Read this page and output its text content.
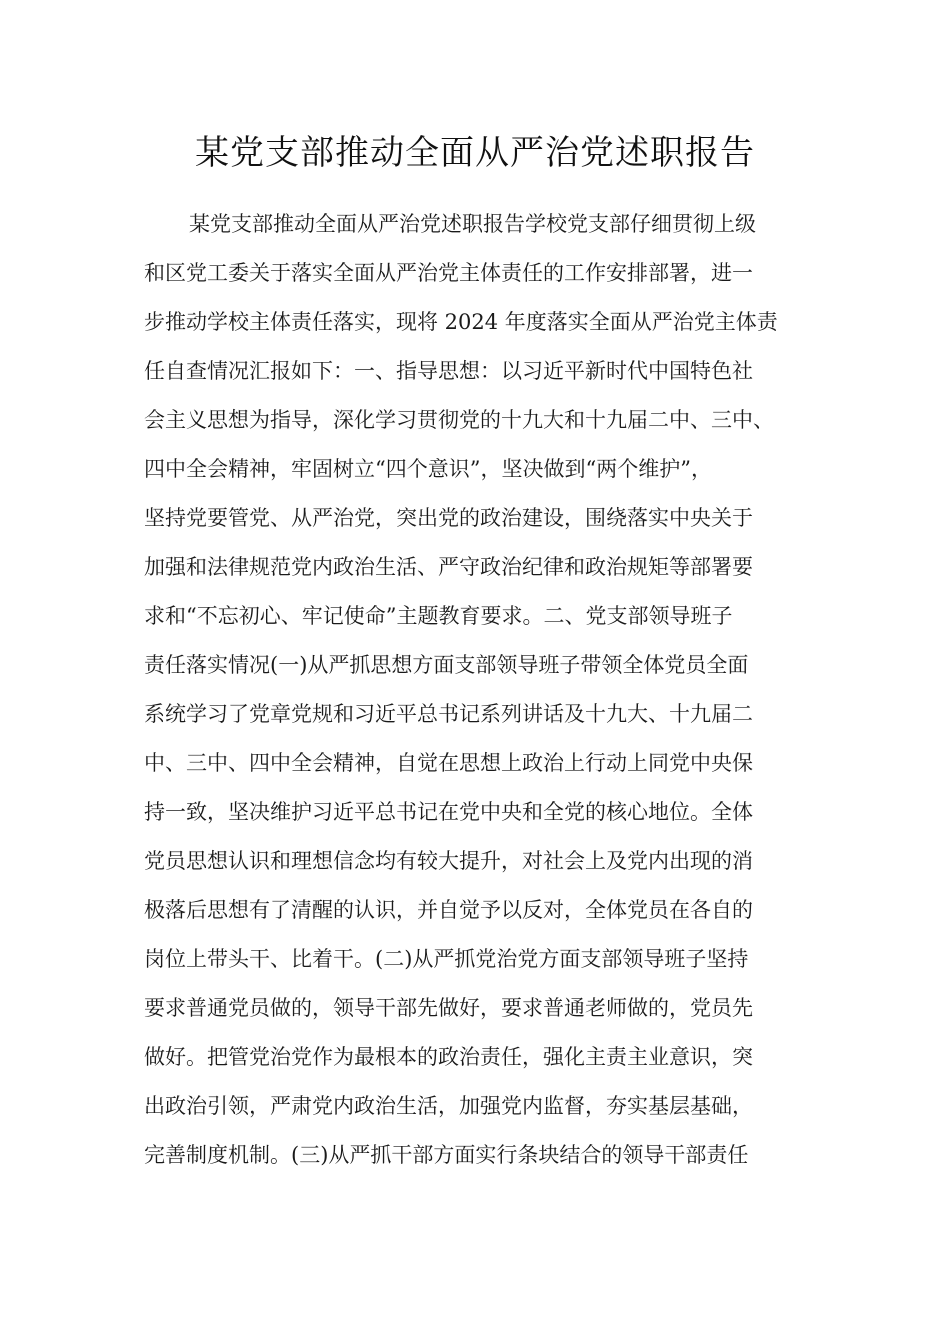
某党支部推动全面从严治党述职报告
某党支部推动全面从严治党述职报告学校党支部仔细贯彻上级
和区党工委关于落实全面从严治党主体责任的工作安排部署，进一
步推动学校主体责任落实，现将 2024 年度落实全面从严治党主体责
任自查情况汇报如下：一、指导思想：以习近平新时代中国特色社
会主义思想为指导，深化学习贯彻党的十九大和十九届二中、三中、
四中全会精神，牢固树立“四个意识”，坚决做到“两个维护”，
坚持党要管党、从严治党，突出党的政治建设，围绕落实中央关于
加强和法律规范党内政治生活、严守政治纪律和政治规矩等部署要
求和“不忘初心、牢记使命”主题教育要求。二、党支部领导班子
责任落实情况(一)从严抓思想方面支部领导班子带领全体党员全面
系统学习了党章党规和习近平总书记系列讲话及十九大、十九届二
中、三中、四中全会精神，自觉在思想上政治上行动上同党中央保
持一致，坚决维护习近平总书记在党中央和全党的核心地位。全体
党员思想认识和理想信念均有较大提升，对社会上及党内出现的消
极落后思想有了清醒的认识，并自觉予以反对，全体党员在各自的
岗位上带头干、比着干。(二)从严抓党治党方面支部领导班子坚持
要求普通党员做的，领导干部先做好，要求普通老师做的，党员先
做好。把管党治党作为最根本的政治责任，强化主责主业意识，突
出政治引领，严肃党内政治生活，加强党内监督，夯实基层基础，
完善制度机制。(三)从严抓干部方面实行条块结合的领导干部责任
